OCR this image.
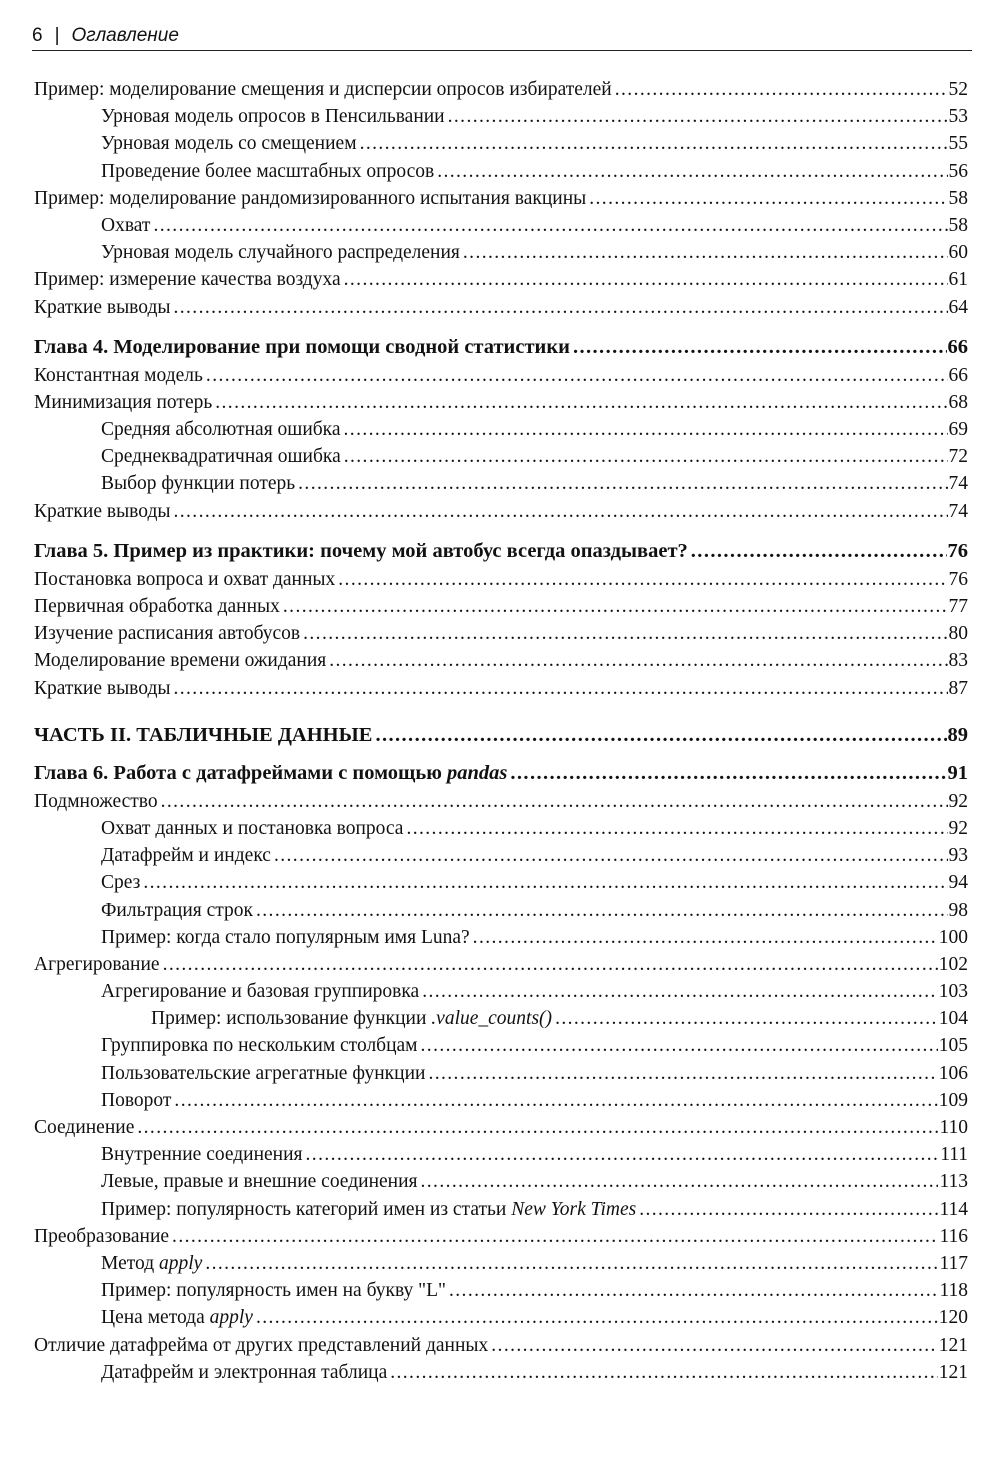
6 | Оглавление
Пример: моделирование смещения и дисперсии опросов избирателей .....	52
Урновая модель опросов в Пенсильвании .....	53
Урновая модель со смещением .....	55
Проведение более масштабных опросов .....	56
Пример: моделирование рандомизированного испытания вакцины .....	58
Охват .....	58
Урновая модель случайного распределения .....	60
Пример: измерение качества воздуха .....	61
Краткие выводы .....	64
Глава 4. Моделирование при помощи сводной статистики .....	66
Константная модель .....	66
Минимизация потерь .....	68
Средняя абсолютная ошибка .....	69
Среднеквадратичная ошибка .....	72
Выбор функции потерь .....	74
Краткие выводы .....	74
Глава 5. Пример из практики: почему мой автобус всегда опаздывает? .....	76
Постановка вопроса и охват данных .....	76
Первичная обработка данных .....	77
Изучение расписания автобусов .....	80
Моделирование времени ожидания .....	83
Краткие выводы .....	87
ЧАСТЬ II. ТАБЛИЧНЫЕ ДАННЫЕ .....	89
Глава 6. Работа с датафреймами с помощью pandas .....	91
Подмножество .....	92
Охват данных и постановка вопроса .....	92
Датафрейм и индекс .....	93
Срез .....	94
Фильтрация строк .....	98
Пример: когда стало популярным имя Luna? .....	100
Агрегирование .....	102
Агрегирование и базовая группировка .....	103
Пример: использование функции .value_counts() .....	104
Группировка по нескольким столбцам .....	105
Пользовательские агрегатные функции .....	106
Поворот .....	109
Соединение .....	110
Внутренние соединения .....	111
Левые, правые и внешние соединения .....	113
Пример: популярность категорий имен из статьи New York Times .....	114
Преобразование .....	116
Метод apply .....	117
Пример: популярность имен на букву "L" .....	118
Цена метода apply .....	120
Отличие датафрейма от других представлений данных .....	121
Датафрейм и электронная таблица .....	121
